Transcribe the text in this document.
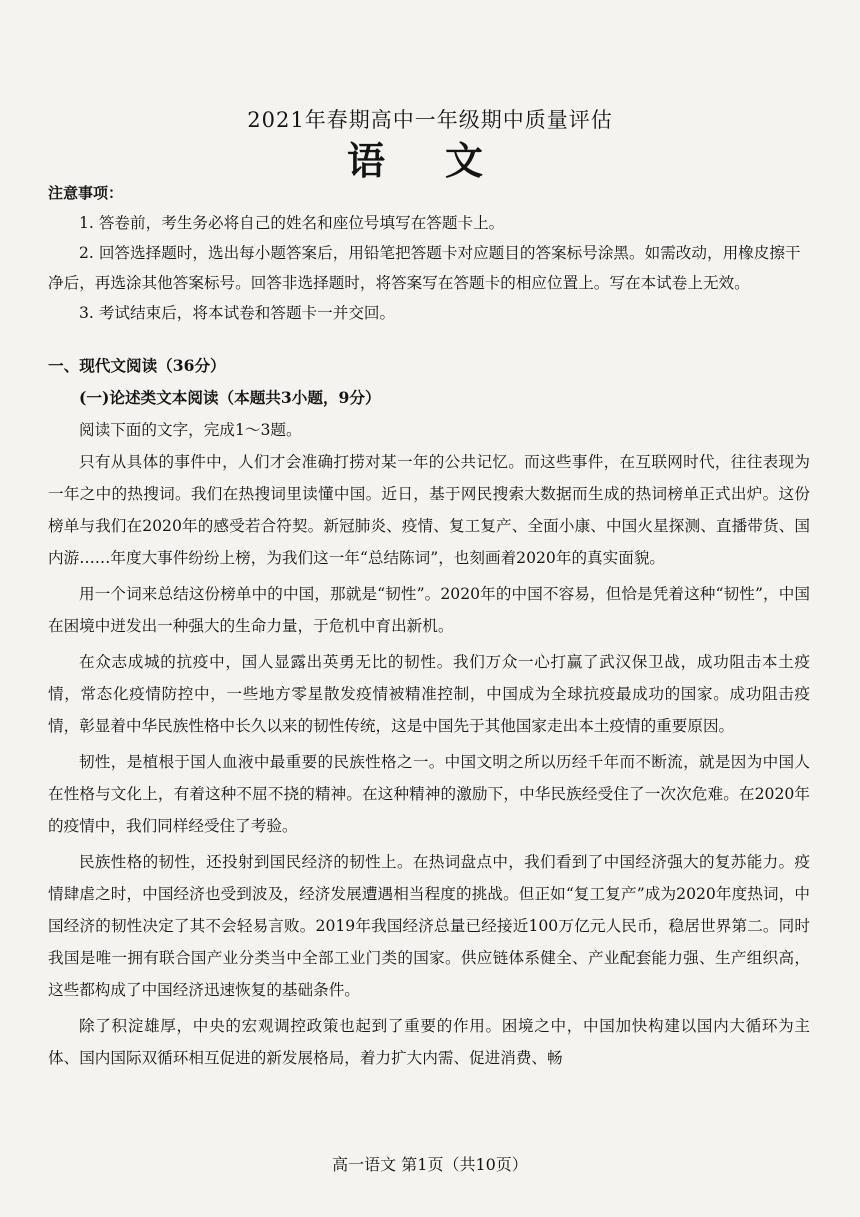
2021年春期高中一年级期中质量评估
语文
注意事项：
1. 答卷前，考生务必将自己的姓名和座位号填写在答题卡上。
2. 回答选择题时，选出每小题答案后，用铅笔把答题卡对应题目的答案标号涂黑。如需改动，用橡皮擦干净后，再选涂其他答案标号。回答非选择题时，将答案写在答题卡的相应位置上。写在本试卷上无效。
3. 考试结束后，将本试卷和答题卡一并交回。
一、现代文阅读（36分）
(一)论述类文本阅读（本题共3小题，9分）
阅读下面的文字，完成1～3题。
只有从具体的事件中，人们才会准确打捞对某一年的公共记忆。而这些事件，在互联网时代，往往表现为一年之中的热搜词。我们在热搜词里读懂中国。近日，基于网民搜索大数据而生成的热词榜单正式出炉。这份榜单与我们在2020年的感受若合符契。新冠肺炎、疫情、复工复产、全面小康、中国火星探测、直播带货、国内游……年度大事件纷纷上榜，为我们这一年“总结陈词”，也刻画着2020年的真实面貌。
用一个词来总结这份榜单中的中国，那就是“韧性”。2020年的中国不容易，但恰是凭着这种“韧性”，中国在困境中迸发出一种强大的生命力量，于危机中育出新机。
在众志成城的抗疫中，国人显露出英勇无比的韧性。我们万众一心打赢了武汉保卫战，成功阻击本土疫情，常态化疫情防控中，一些地方零星散发疫情被精准控制，中国成为全球抗疫最成功的国家。成功阻击疫情，彰显着中华民族性格中长久以来的韧性传统，这是中国先于其他国家走出本土疫情的重要原因。
韧性，是植根于国人血液中最重要的民族性格之一。中国文明之所以历经千年而不断流，就是因为中国人在性格与文化上，有着这种不屈不挠的精神。在这种精神的激励下，中华民族经受住了一次次危难。在2020年的疫情中，我们同样经受住了考验。
民族性格的韧性，还投射到国民经济的韧性上。在热词盘点中，我们看到了中国经济强大的复苏能力。疫情肆虐之时，中国经济也受到波及，经济发展遭遇相当程度的挑战。但正如“复工复产”成为2020年度热词，中国经济的韧性决定了其不会轻易言败。2019年我国经济总量已经接近100万亿元人民币，稳居世界第二。同时我国是唯一拥有联合国产业分类当中全部工业门类的国家。供应链体系健全、产业配套能力强、生产组织高，这些都构成了中国经济迅速恢复的基础条件。
除了积淀雄厚，中央的宏观调控政策也起到了重要的作用。困境之中，中国加快构建以国内大循环为主体、国内国际双循环相互促进的新发展格局，着力扩大内需、促进消费、畅
高一语文 第1页（共10页）
